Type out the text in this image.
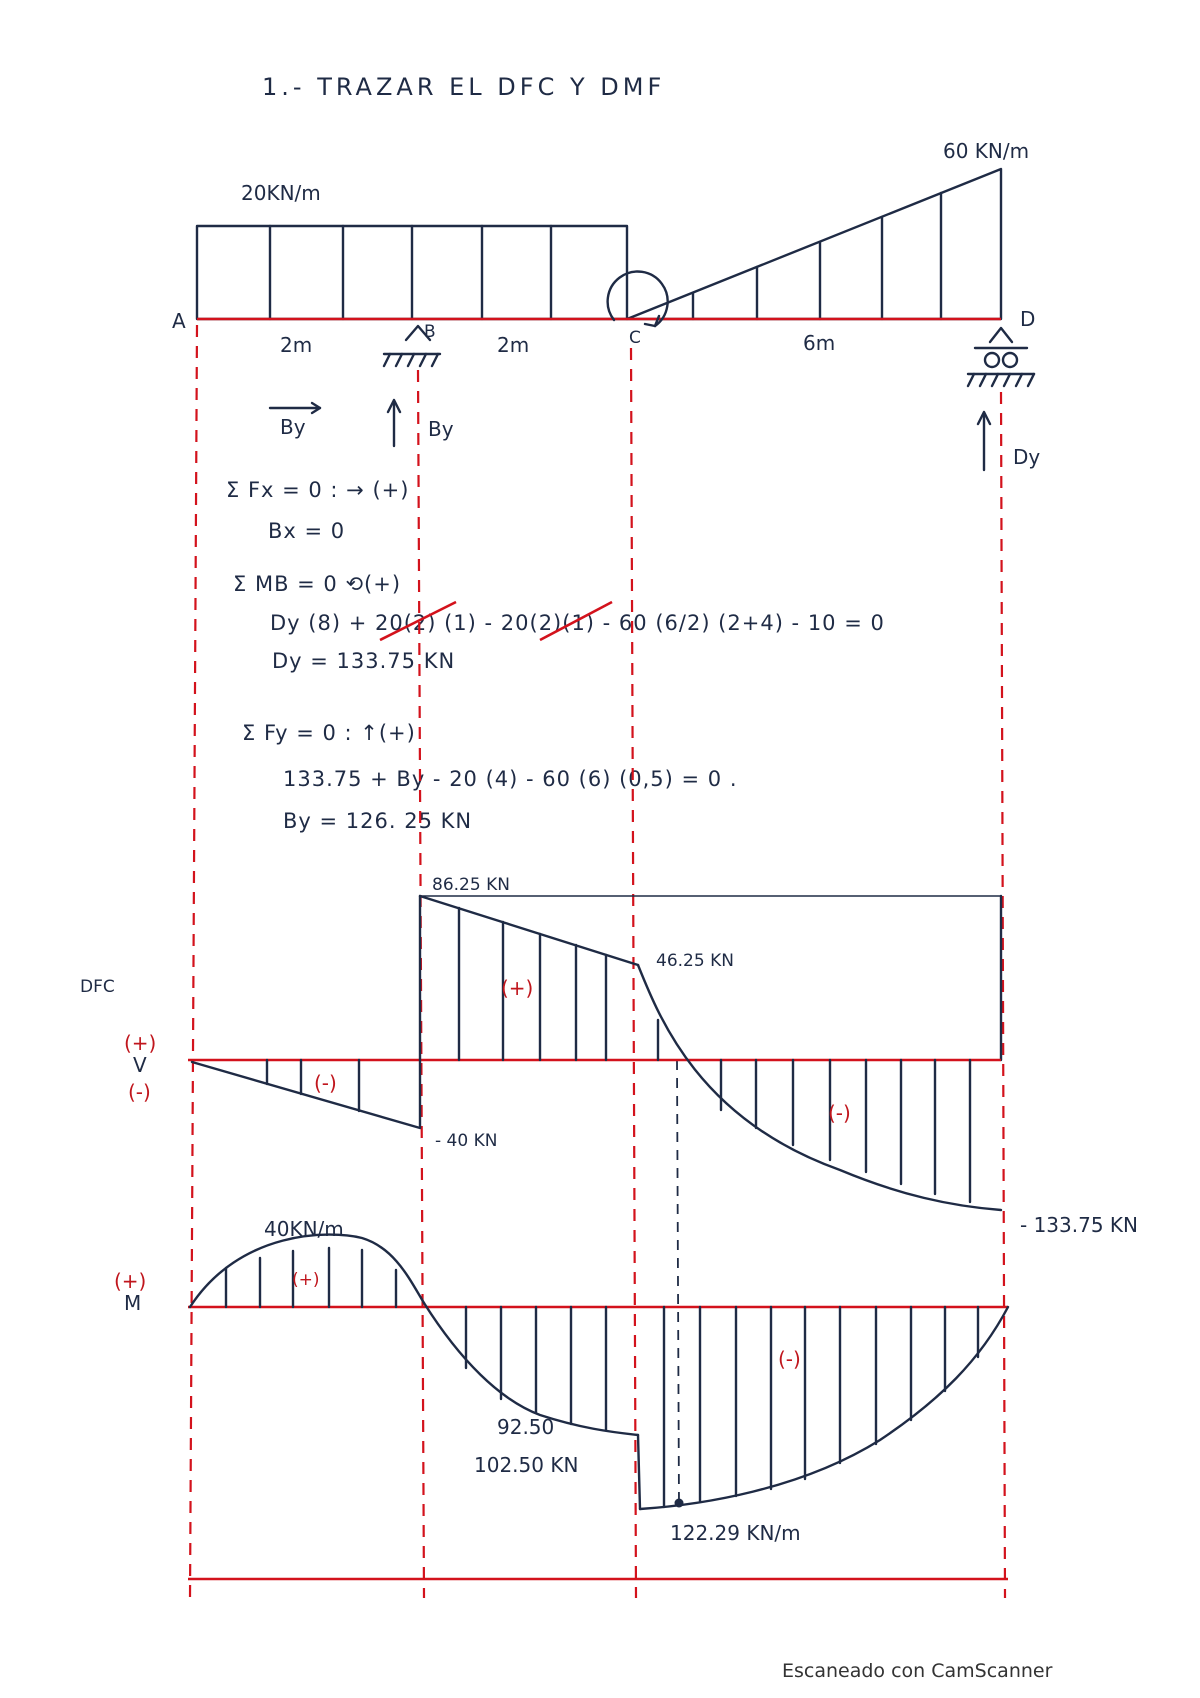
1.- TRAZAR EL DFC Y DMF
20KN/m
60 KN/m
A	B	C
D
2m	2m	6m
By	By
Dy
Σ Fx = 0 : → (+)
Bx = 0
Σ MB = 0 ⟲(+)
Dy (8) + 20(2) (1) - 20(2)(1) - 60 (6/2) (2+4) - 10 = 0
Dy = 133.75 KN
Σ Fy = 0 : ↑(+)
133.75 + By - 20 (4) - 60 (6) (0,5) = 0 .
By = 126. 25 KN
DFC
(+)
V
(-)
86.25 KN
46.25 KN
- 40 KN
- 133.75 KN
(+)
(-)
(-)
(+)
M
40KN/m
(+)
(-)
92.50
102.50 KN
122.29 KN/m
Escaneado con CamScanner
